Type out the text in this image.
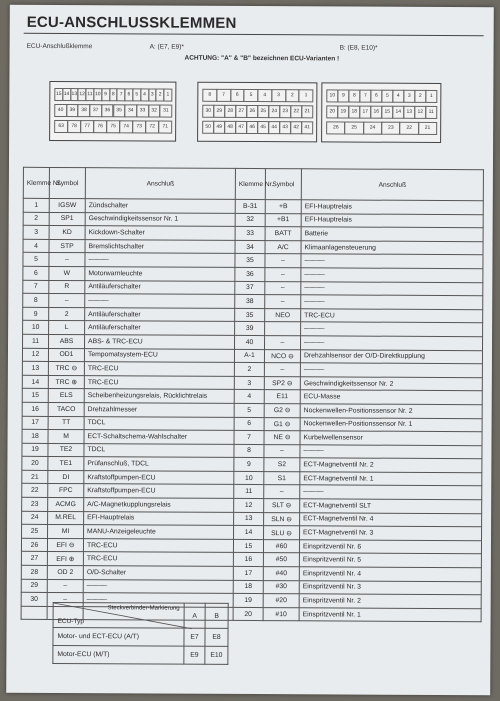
ECU-ANSCHLUSSKLEMMEN
ECU-Anschlußklemme	A: (E7, E9)*	B: (E8, E10)*
ACHTUNG: "A" & "B" bezeichnen ECU-Varianten !
15 14 13 12 11 10 9 8 7 6 5 4 3 2 1
40	39	38	37	36	35	34	33	32	31
63	78	77	76	75	74	73	72	71
8	7	6	5	4	3	2	1
30	29	28	27	26	25	24	23	22	21
50	49	48	47	46	45	44	43	42	41
10	9	8	7	6	5	4	3	2	1
20	19	18	17	16	15	14	13	12	11
26	25	24	23	22	21
Klemme Nr.	Symbol	Anschluß	Klemme Nr.	Symbol	Anschluß
1	IGSW	Zündschalter	B-31	+B	EFI-Hauptrelais
2	SP1	Geschwindigkeitssensor Nr. 1	32	+B1	EFI-Hauptrelais
3	KD	Kickdown-Schalter	33	BATT	Batterie
4	STP	Bremslichtschalter	34	A/C	Klimaanlagensteuerung
5	–	———	35	–	———
6	W	Motorwarnleuchte	36	–	———
7	R	Antiläuferschalter	37	–	———
8	–	———	38	–	———
9	2	Antiläuferschalter	35	NEO	TRC-ECU
10	L	Antiläuferschalter	39		———
11	ABS	ABS- & TRC-ECU	40	–	———
12	OD1	Tempomatsystem-ECU	A-1	NCO ⊖	Drehzahlsensor der O/D-Direktkupplung
13	TRC ⊖	TRC-ECU	2	–	———
14	TRC ⊕	TRC-ECU	3	SP2 ⊖	Geschwindigkeitssensor Nr. 2
15	ELS	Scheibenheizungsrelais, Rücklichtrelais	4	E11	ECU-Masse
16	TACO	Drehzahlmesser	5	G2 ⊖	Nockenwellen-Positionssensor Nr. 2
17	TT	TDCL	6	G1 ⊖	Nockenwellen-Positionssensor Nr. 1
18	M	ECT-Schaltschema-Wahlschalter	7	NE ⊖	Kurbelwellensensor
19	TE2	TDCL	8	–	———
20	TE1	Prüfanschluß, TDCL	9	S2	ECT-Magnetventil Nr. 2
21	DI	Kraftstoffpumpen-ECU	10	S1	ECT-Magnetventil Nr. 1
22	FPC	Kraftstoffpumpen-ECU	11	–	———
23	ACMG	A/C-Magnetkupplungsrelais	12	SLT ⊖	ECT-Magnetventil SLT
24	M.REL	EFI-Hauptrelais	13	SLN ⊖	ECT-Magnetventil Nr. 4
25	MI	MANU-Anzeigeleuchte	14	SLU ⊖	ECT-Magnetventil Nr. 3
26	EFI ⊖	TRC-ECU	15	#60	Einspritzventil Nr. 6
27	EFI ⊕	TRC-ECU	16	#50	Einspritzventil Nr. 5
28	OD 2	O/D-Schalter	17	#40	Einspritzventil Nr. 4
29	–	———	18	#30	Einspritzventil Nr. 3
30	–	———	19	#20	Einspritzventil Nr. 2
			20	#10	Einspritzventil Nr. 1
Steckverbinder-Markierung
ECU-Typ	A	B
Motor- und ECT-ECU (A/T)	E7	E8
Motor-ECU (M/T)	E9	E10
